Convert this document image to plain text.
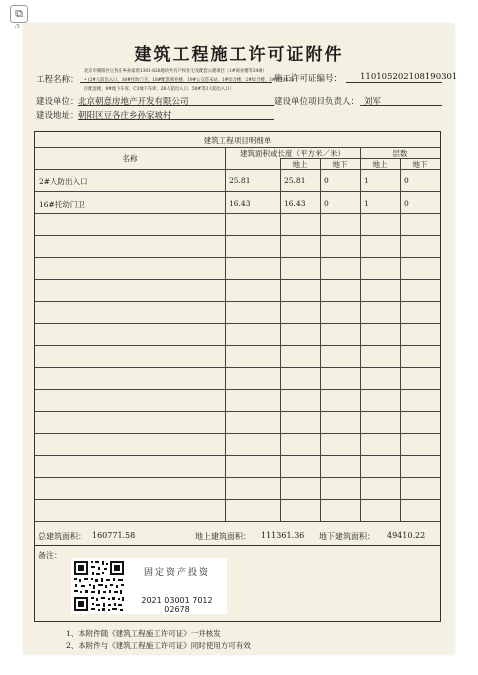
⧉
/3
建筑工程施工许可证附件
工程名称：
北京市朝阳区豆各庄乡孙家湾1301-626地块共有产权住宅及配套公建项目（1#商业楼等34项）
• (2#人防出入口、16#托幼门卫、18#配套商业楼、19#公交首末站、1#综合楼、2#综合楼、3#住宅楼等)
区配套楼、8#地下车库、C3地下车库、28人防出入口、58#等3人防出入口）
施工许可证编号： 110105202108190301
建设单位： 北京朝意房地产开发有限公司	建设单位项目负责人： 刘军
建设地址： 朝阳区豆各庄乡孙家坡村
建筑工程项目明细单
名称
建筑面积或长度（平方米／米）	层数
地上	地下	地上	地下
2#人防出入口	25.81	25.81 0	1	0
16#托幼门卫	16.43	16.43 0	1	0
总建筑面积： 160771.58	地上建筑面积： 111361.36 地下建筑面积： 49410.22
备注：
固定资产投资
2021 03001 7012 02678
1、本附件随《建筑工程施工许可证》一并核发
2、本附件与《建筑工程施工许可证》同时使用方可有效
